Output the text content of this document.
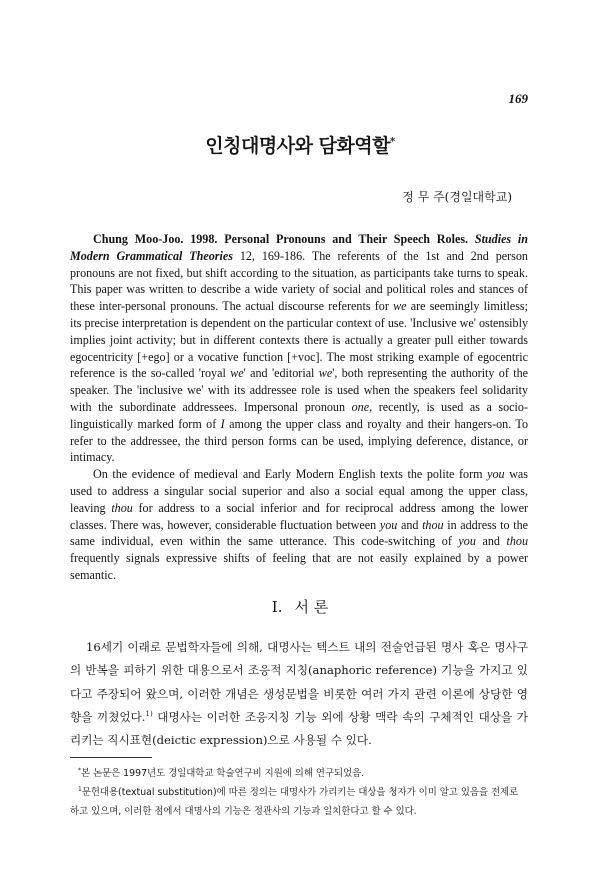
169
인칭대명사와 담화역할*
정 무 주(경일대학교)

Chung Moo-Joo. 1998. Personal Pronouns and Their Speech Roles. Studies in Modern Grammatical Theories 12, 169-186. The referents of the 1st and 2nd person pronouns are not fixed, but shift according to the situation, as participants take turns to speak. This paper was written to describe a wide variety of social and political roles and stances of these inter-personal pronouns. The actual discourse referents for we are seemingly limitless; its precise interpretation is dependent on the particular context of use. 'Inclusive we' ostensibly implies joint activity; but in different contexts there is actually a greater pull either towards egocentricity [+ego] or a vocative function [+voc]. The most striking example of egocentric reference is the so-called 'royal we' and 'editorial we', both representing the authority of the speaker. The 'inclusive we' with its addressee role is used when the speakers feel solidarity with the subordinate addressees. Impersonal pronoun one, recently, is used as a socio- linguistically marked form of I among the upper class and royalty and their hangers-on. To refer to the addressee, the third person forms can be used, implying deference, distance, or intimacy.

On the evidence of medieval and Early Modern English texts the polite form you was used to address a singular social superior and also a social equal among the upper class, leaving thou for address to a social inferior and for reciprocal address among the lower classes. There was, however, considerable fluctuation between you and thou in address to the same individual, even within the same utterance. This code-switching of you and thou frequently signals expressive shifts of feeling that are not easily explained by a power semantic.

I. 서 론

16세기 이래로 문법학자들에 의해, 대명사는 텍스트 내의 전술언급된 명사 혹은 명사구의 반복을 피하기 위한 대용으로서 조응적 지칭(anaphoric reference) 기능을 가지고 있다고 주장되어 왔으며, 이러한 개념은 생성문법을 비롯한 여러 가지 관련 이론에 상당한 영향을 끼쳤었다.$^{1)}$ 대명사는 이러한 조응지칭 기능 외에 상황 맥락 속의 구체적인 대상을 가리키는 직시표현(deictic expression)으로 사용될 수 있다.

*본 논문은 1997년도 경일대학교 학술연구비 지원에 의해 연구되었음.

$^1$문헌대용(textual substitution)에 따른 정의는 대명사가 가리키는 대상을 청자가 이미 알고 있음을 전제로 하고 있으며, 이러한 점에서 대명사의 기능은 정관사의 기능과 일치한다고 할 수 있다.
